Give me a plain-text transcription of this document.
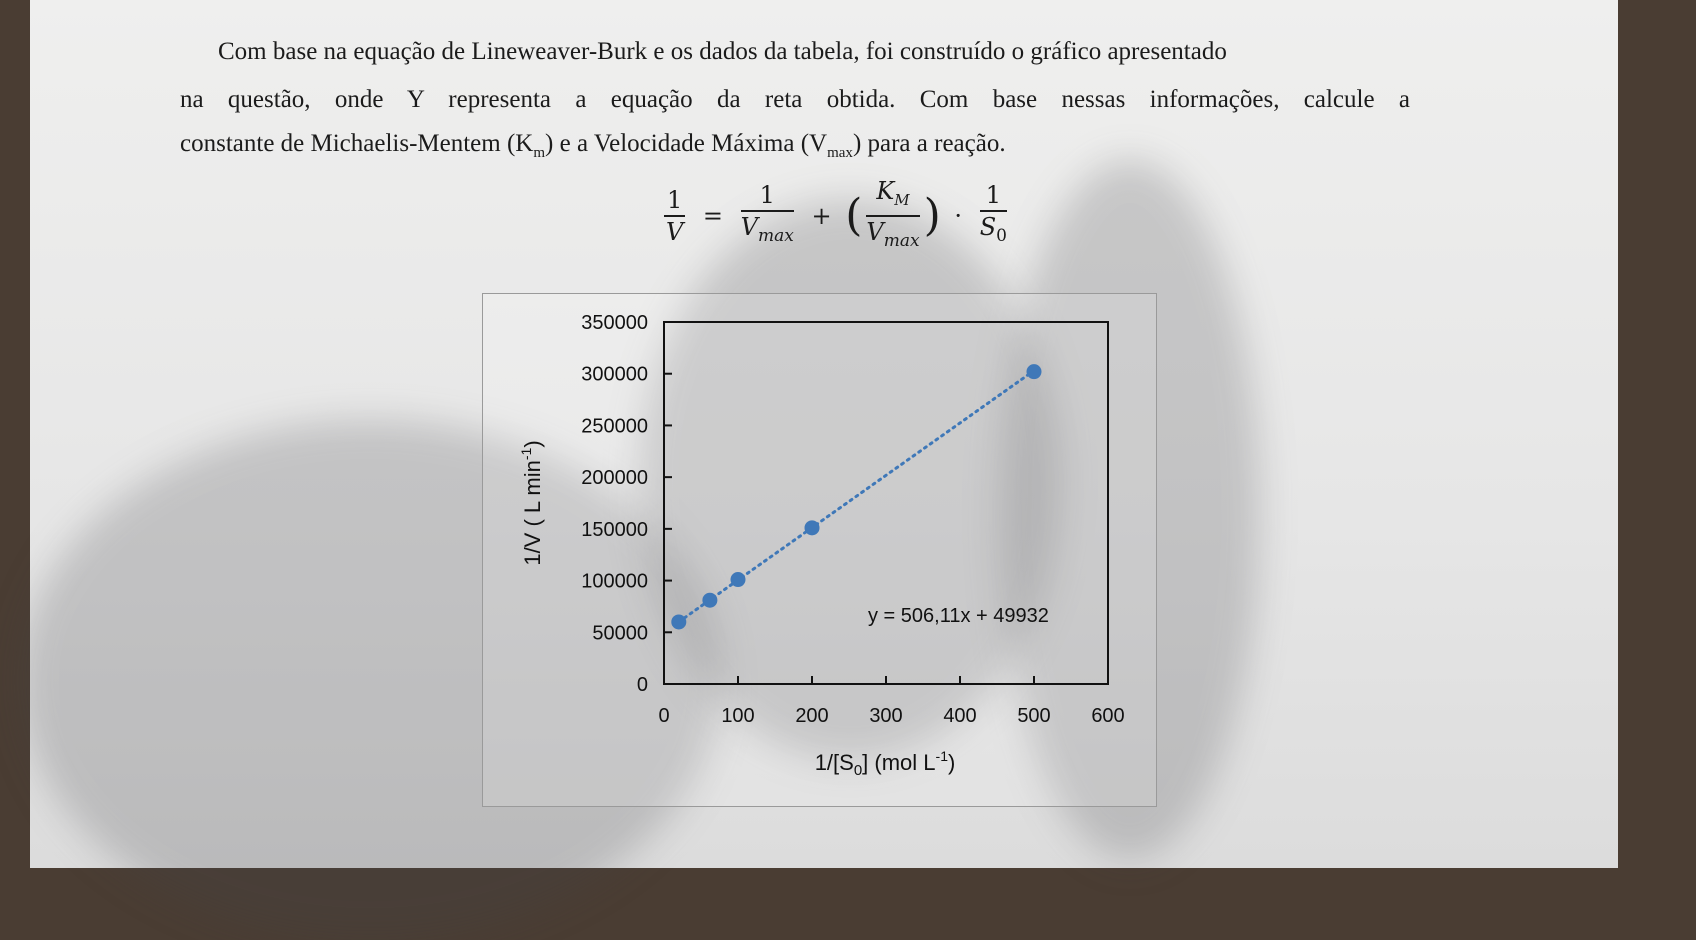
Com base na equação de Lineweaver-Burk e os dados da tabela, foi construído o gráfico apresentado
na questão, onde Y representa a equação da reta obtida. Com base nessas informações, calcule a
constante de Michaelis-Mentem $(K_m)$ e a Velocidade Máxima $(V_{max})$ para a reação.
$\frac{1}{V} = \frac{1}{V_{max}}$ + ( $\frac{K_M}{V_{max}}$ ) · $\frac{1}{S_0}$
0
50000
100000
150000
200000
250000
300000
350000
0	100 200 300 400 500 600
y = 506,11x + 49932
$1/[S_0]$ (mol $L^{-1}$)
1/V ( L $\min^{-1}$)
